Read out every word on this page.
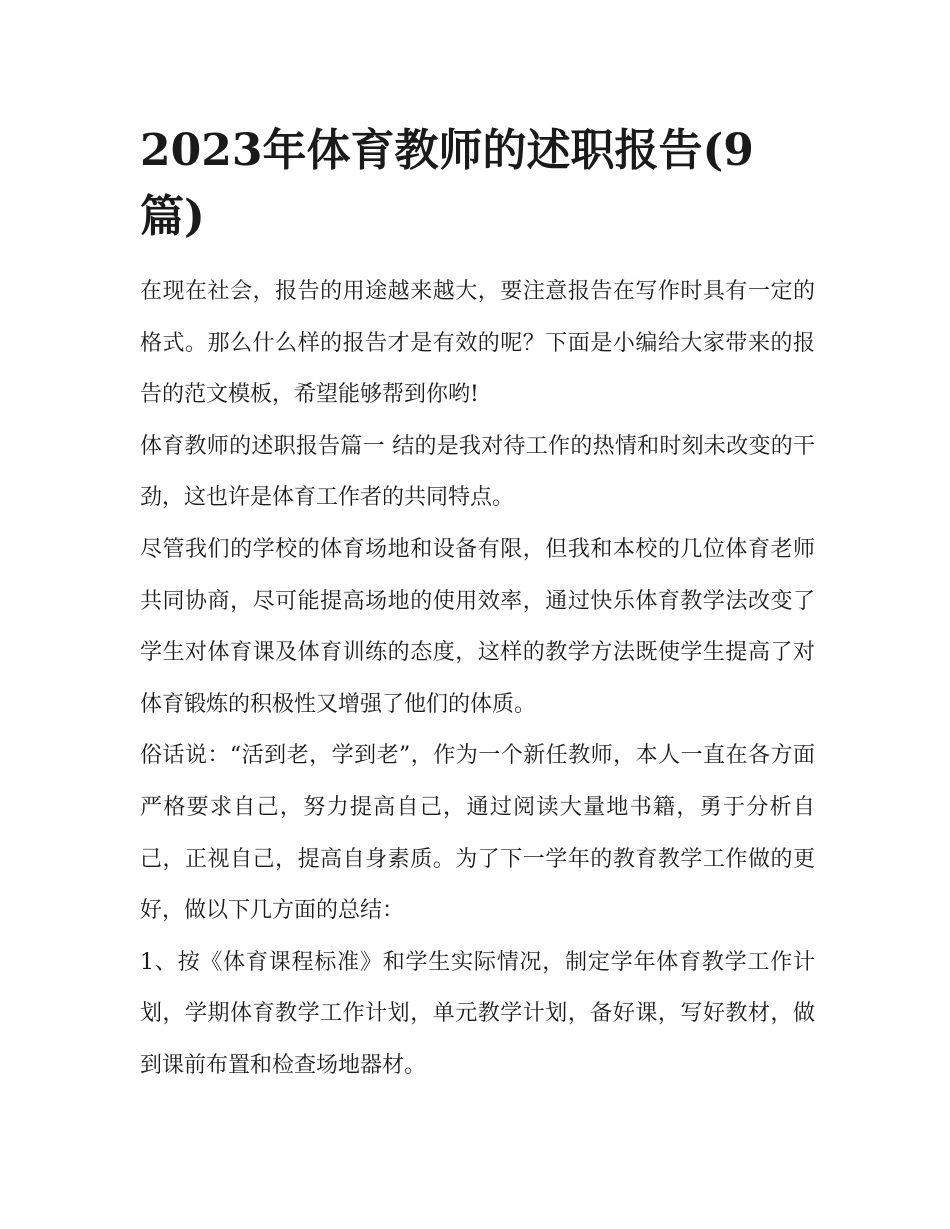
2023年体育教师的述职报告(9篇)

在现在社会，报告的用途越来越大，要注意报告在写作时具有一定的格式。那么什么样的报告才是有效的呢？下面是小编给大家带来的报告的范文模板，希望能够帮到你哟!

体育教师的述职报告篇一 结的是我对待工作的热情和时刻未改变的干劲，这也许是体育工作者的共同特点。

尽管我们的学校的体育场地和设备有限，但我和本校的几位体育老师共同协商，尽可能提高场地的使用效率，通过快乐体育教学法改变了学生对体育课及体育训练的态度，这样的教学方法既使学生提高了对体育锻炼的积极性又增强了他们的体质。

俗话说：“活到老，学到老”，作为一个新任教师，本人一直在各方面严格要求自己，努力提高自己，通过阅读大量地书籍，勇于分析自己，正视自己，提高自身素质。为了下一学年的教育教学工作做的更好，做以下几方面的总结：

1、按《体育课程标准》和学生实际情况，制定学年体育教学工作计划，学期体育教学工作计划，单元教学计划，备好课，写好教材，做到课前布置和检查场地器材。
